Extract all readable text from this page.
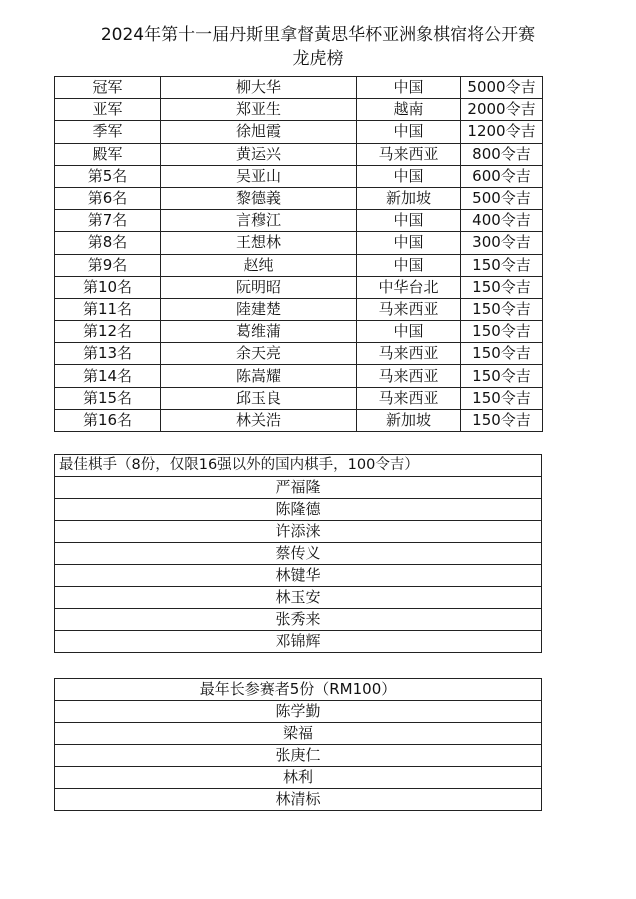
2024年第十一届丹斯里拿督黃思华杯亚洲象棋宿将公开赛
龙虎榜
冠军	柳大华	中国	5000令吉
亚军	郑亚生	越南	2000令吉
季军	徐旭霞	中国	1200令吉
殿军	黄运兴	马来西亚	800令吉
第5名	吴亚山	中国	600令吉
第6名	黎德義	新加坡	500令吉
第7名	言穆江	中国	400令吉
第8名	王想林	中国	300令吉
第9名	赵纯	中国	150令吉
第10名	阮明昭	中华台北	150令吉
第11名	陸建楚	马来西亚	150令吉
第12名	葛维蒲	中国	150令吉
第13名	余天亮	马来西亚	150令吉
第14名	陈嵩耀	马来西亚	150令吉
第15名	邱玉良	马来西亚	150令吉
第16名	林关浩	新加坡	150令吉
最佳棋手（8份，仅限16强以外的国内棋手，100令吉）
严福隆
陈隆德
许添涞
蔡传义
林键华
林玉安
张秀来
邓锦辉
最年长参赛者5份（RM100）
陈学勤
梁福
张庚仁
林利
林清标
